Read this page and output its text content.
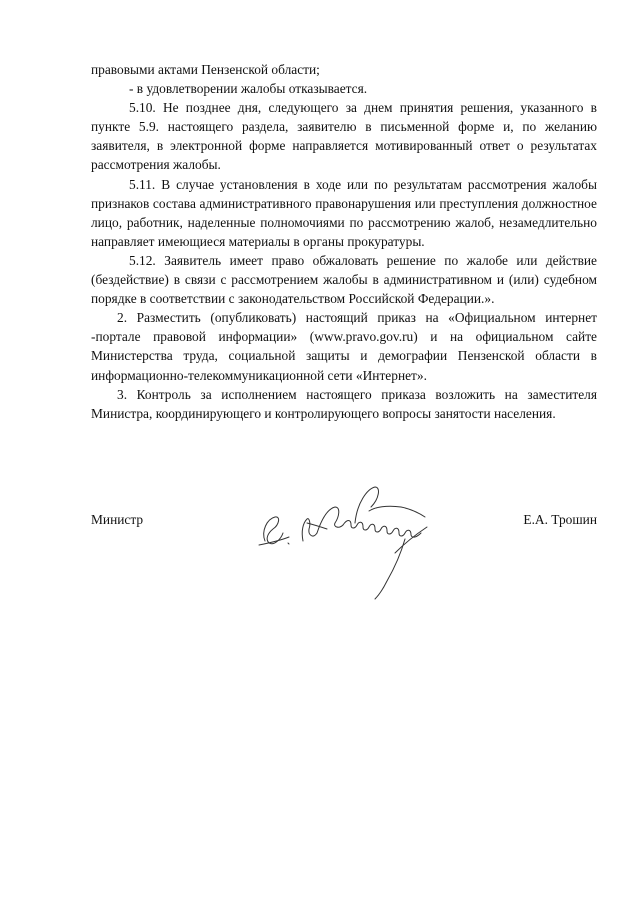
правовыми актами Пензенской области;

- в удовлетворении жалобы отказывается.

5.10. Не позднее дня, следующего за днем принятия решения, указанного в пункте 5.9. настоящего раздела, заявителю в письменной форме и, по желанию заявителя, в электронной форме направляется мотивированный ответ о результатах рассмотрения жалобы.

5.11. В случае установления в ходе или по результатам рассмотрения жалобы признаков состава административного правонарушения или преступления должностное лицо, работник, наделенные полномочиями по рассмотрению жалоб, незамедлительно направляет имеющиеся материалы в органы прокуратуры.

5.12. Заявитель имеет право обжаловать решение по жалобе или действие (бездействие) в связи с рассмотрением жалобы в административном и (или) судебном порядке в соответствии с законодательством Российской Федерации.».

2. Разместить (опубликовать) настоящий приказ на «Официальном интернет -портале правовой информации» (www.pravo.gov.ru) и на официальном сайте Министерства труда, социальной защиты и демографии Пензенской области в информационно-телекоммуникационной сети «Интернет».

3. Контроль за исполнением настоящего приказа возложить на заместителя Министра, координирующего и контролирующего вопросы занятости населения.

Министр	Е.А. Трошин
